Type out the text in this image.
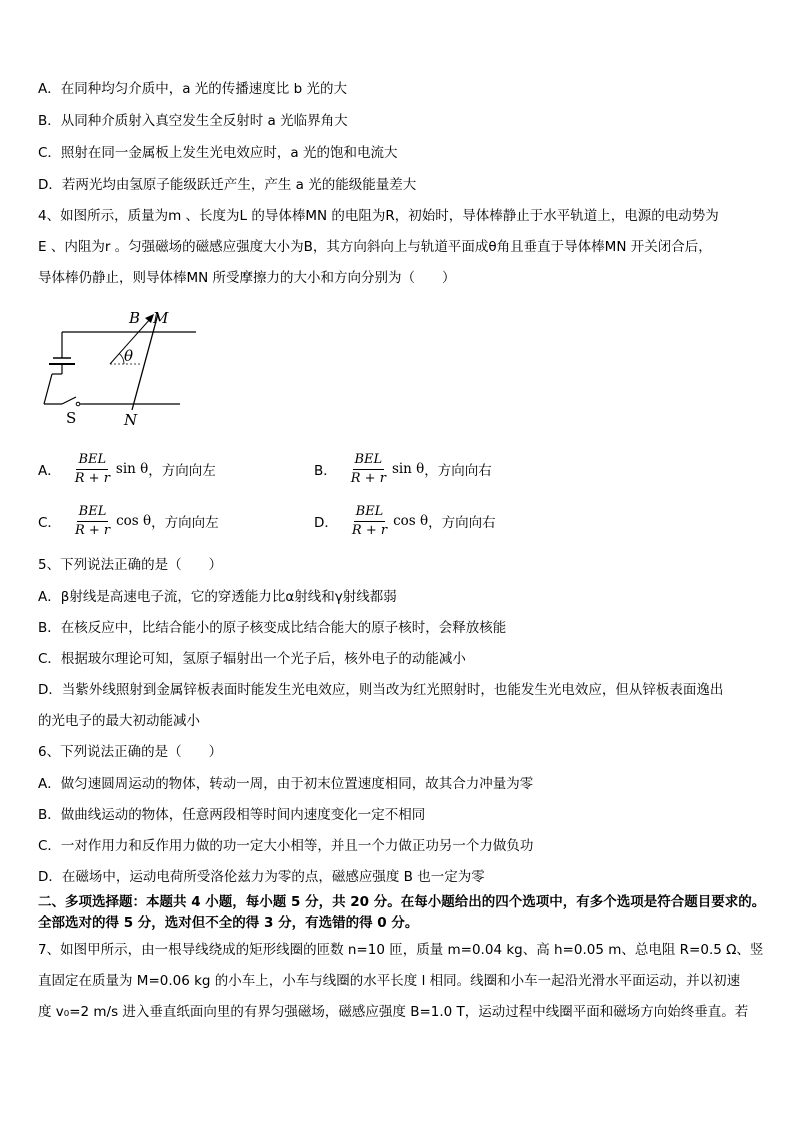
A．在同种均匀介质中，a 光的传播速度比 b 光的大
B．从同种介质射入真空发生全反射时 a 光临界角大
C．照射在同一金属板上发生光电效应时，a 光的饱和电流大
D．若两光均由氢原子能级跃迁产生，产生 a 光的能级能量差大
4、如图所示，质量为m 、长度为L 的导体棒MN 的电阻为R，初始时，导体棒静止于水平轨道上，电源的电动势为
E 、内阻为r 。匀强磁场的磁感应强度大小为B，其方向斜向上与轨道平面成θ角且垂直于导体棒MN 开关闭合后，
导体棒仍静止，则导体棒MN 所受摩擦力的大小和方向分别为（　　）
B M
θ
N
S
A． $\frac{\text{BEL}}{R + r}$ sin θ ，方向向左	B． $\frac{\text{BEL}}{R + r}$ sin θ ，方向向右
C． $\frac{\text{BEL}}{R + r}$ cos θ ，方向向左	D． $\frac{\text{BEL}}{R + r}$ cos θ ，方向向右
5、下列说法正确的是（　　）
A．β射线是高速电子流，它的穿透能力比α射线和γ射线都弱
B．在核反应中，比结合能小的原子核变成比结合能大的原子核时，会释放核能
C．根据玻尔理论可知，氢原子辐射出一个光子后，核外电子的动能减小
D．当紫外线照射到金属锌板表面时能发生光电效应，则当改为红光照射时，也能发生光电效应，但从锌板表面逸出
的光电子的最大初动能减小
6、下列说法正确的是（　　）
A．做匀速圆周运动的物体，转动一周，由于初末位置速度相同，故其合力冲量为零
B．做曲线运动的物体，任意两段相等时间内速度变化一定不相同
C．一对作用力和反作用力做的功一定大小相等，并且一个力做正功另一个力做负功
D．在磁场中，运动电荷所受洛伦兹力为零的点，磁感应强度 B 也一定为零
二、多项选择题：本题共 4 小题，每小题 5 分，共 20 分。在每小题给出的四个选项中，有多个选项是符合题目要求的。
全部选对的得 5 分，选对但不全的得 3 分，有选错的得 0 分。
7、如图甲所示，由一根导线绕成的矩形线圈的匝数 n=10 匝，质量 m=0.04 kg、高 h=0.05 m、总电阻 R=0.5 Ω、竖
直固定在质量为 M=0.06 kg 的小车上，小车与线圈的水平长度 l 相同。线圈和小车一起沿光滑水平面运动，并以初速
度 v₀=2 m/s 进入垂直纸面向里的有界匀强磁场，磁感应强度 B=1.0 T，运动过程中线圈平面和磁场方向始终垂直。若
